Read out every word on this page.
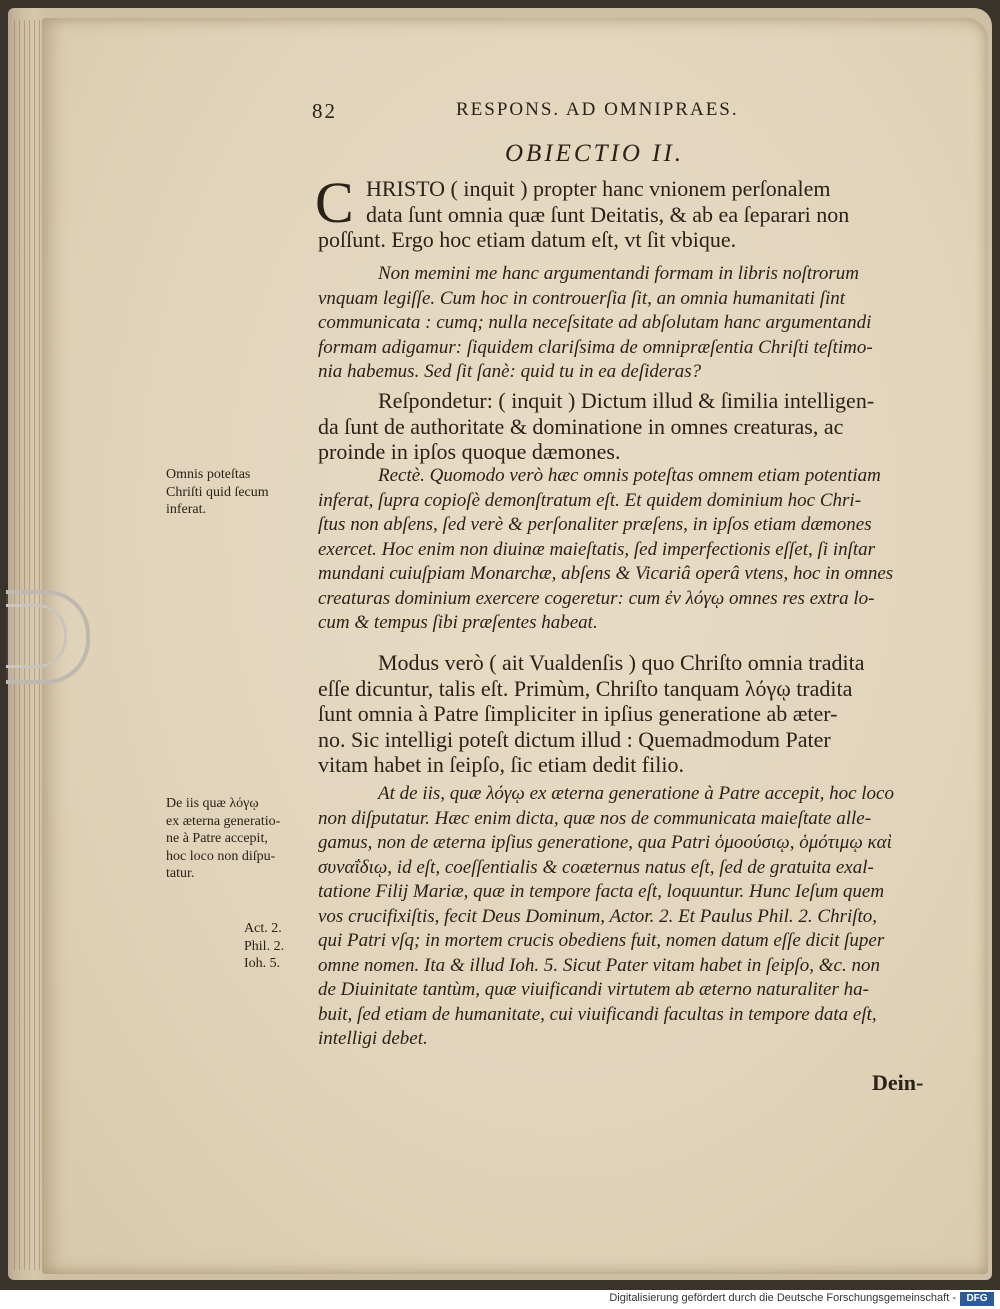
82	RESPONS. AD OMNIPRAES.
OBIECTIO II.
C HRISTO ( inquit ) propter hanc vnionem perſonalem
data ſunt omnia quæ ſunt Deitatis, & ab ea ſeparari non
poſſunt. Ergo hoc etiam datum eſt, vt ſit vbique.
Non memini me hanc argumentandi formam in libris noſtrorum
vnquam legiſſe. Cum hoc in controuerſia ſit, an omnia humanitati ſint
communicata : cumq; nulla neceſsitate ad abſolutam hanc argumentandi
formam adigamur: ſiquidem clariſsima de omnipræſentia Chriſti teſtimo-
nia habemus. Sed ſit ſanè: quid tu in ea deſideras?
Reſpondetur: ( inquit ) Dictum illud & ſimilia intelligen-
da ſunt de authoritate & dominatione in omnes creaturas, ac
proinde in ipſos quoque dæmones.
Rectè. Quomodo verò hæc omnis poteſtas omnem etiam potentiam
inferat, ſupra copioſè demonſtratum eſt. Et quidem dominium hoc Chri-
ſtus non abſens, ſed verè & perſonaliter præſens, in ipſos etiam dæmones
exercet. Hoc enim non diuinæ maieſtatis, ſed imperfectionis eſſet, ſi inſtar
mundani cuiuſpiam Monarchæ, abſens & Vicariâ operâ vtens, hoc in omnes
creaturas dominium exercere cogeretur: cum ἐν λόγῳ omnes res extra lo-
cum & tempus ſibi præſentes habeat.
Modus verò ( ait Vualdenſis ) quo Chriſto omnia tradita
eſſe dicuntur, talis eſt. Primùm, Chriſto tanquam λόγῳ tradita
ſunt omnia à Patre ſimpliciter in ipſius generatione ab æter-
no. Sic intelligi poteſt dictum illud : Quemadmodum Pater
vitam habet in ſeipſo, ſic etiam dedit filio.
At de iis, quæ λόγῳ ex æterna generatione à Patre accepit, hoc loco
non diſputatur. Hæc enim dicta, quæ nos de communicata maieſtate alle-
gamus, non de æterna ipſius generatione, qua Patri ὁμοούσιῳ, ὁμότιμῳ καὶ
συναΐδιῳ, id eſt, coeſſentialis & coæternus natus eſt, ſed de gratuita exal-
tatione Filij Mariæ, quæ in tempore facta eſt, loquuntur. Hunc Ieſum quem
vos crucifixiſtis, fecit Deus Dominum, Actor. 2. Et Paulus Phil. 2. Chriſto,
qui Patri vſq; in mortem crucis obediens fuit, nomen datum eſſe dicit ſuper
omne nomen. Ita & illud Ioh. 5. Sicut Pater vitam habet in ſeipſo, &c. non
de Diuinitate tantùm, quæ viuificandi virtutem ab æterno naturaliter ha-
buit, ſed etiam de humanitate, cui viuificandi facultas in tempore data eſt,
intelligi debet.
Omnis poteſtas
Chriſti quid ſecum
inferat.
De iis quæ λόγῳ
ex æterna generatio-
ne à Patre accepit,
hoc loco non diſpu-
tatur.
Act. 2.
Phil. 2.
Ioh. 5.
Dein-
Digitalisierung gefördert durch die Deutsche Forschungsgemeinschaft -	DFG
